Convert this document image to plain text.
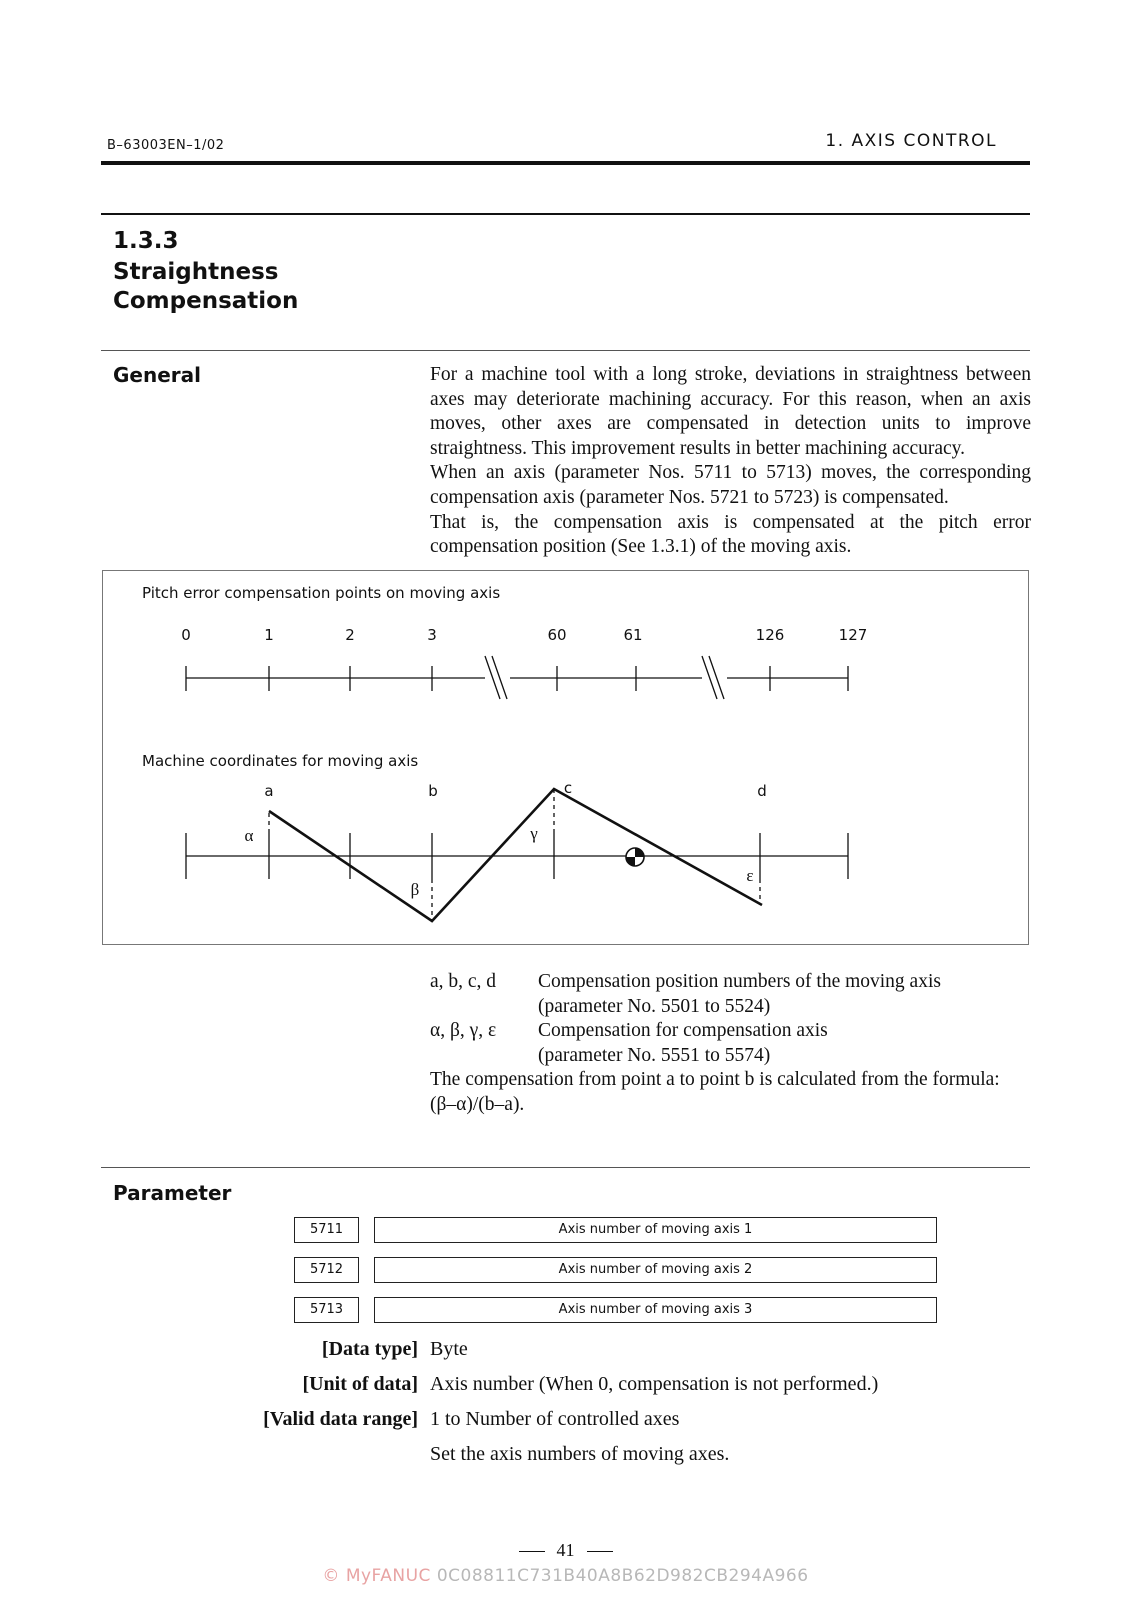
B–63003EN–1/02	1. AXIS CONTROL
1.3.3
Straightness
Compensation
General	For a machine tool with a long stroke, deviations in straightness between axes may deteriorate machining accuracy. For this reason, when an axis moves, other axes are compensated in detection units to improve straightness. This improvement results in better machining accuracy.

When an axis (parameter Nos. 5711 to 5713) moves, the corresponding compensation axis (parameter Nos. 5721 to 5723) is compensated.

That is, the compensation axis is compensated at the pitch error compensation position (See 1.3.1) of the moving axis.

Pitch error compensation points on moving axis
0	1	2	3	60	61	126	127
Machine coordinates for moving axis
a	b	c	d
α
β
γ
ε
a, b, c, d	Compensation position numbers of the moving axis
(parameter No. 5501 to 5524)
α, β, γ, ε	Compensation for compensation axis
(parameter No. 5551 to 5574)
The compensation from point a to point b is calculated from the formula:
(β–α)/(b–a).
Parameter
5711	Axis number of moving axis 1
5712	Axis number of moving axis 2
5713	Axis number of moving axis 3
[Data type] Byte
[Unit of data] Axis number (When 0, compensation is not performed.)
[Valid data range] 1 to Number of controlled axes
Set the axis numbers of moving axes.
41
© MyFANUC 0C08811C731B40A8B62D982CB294A966
